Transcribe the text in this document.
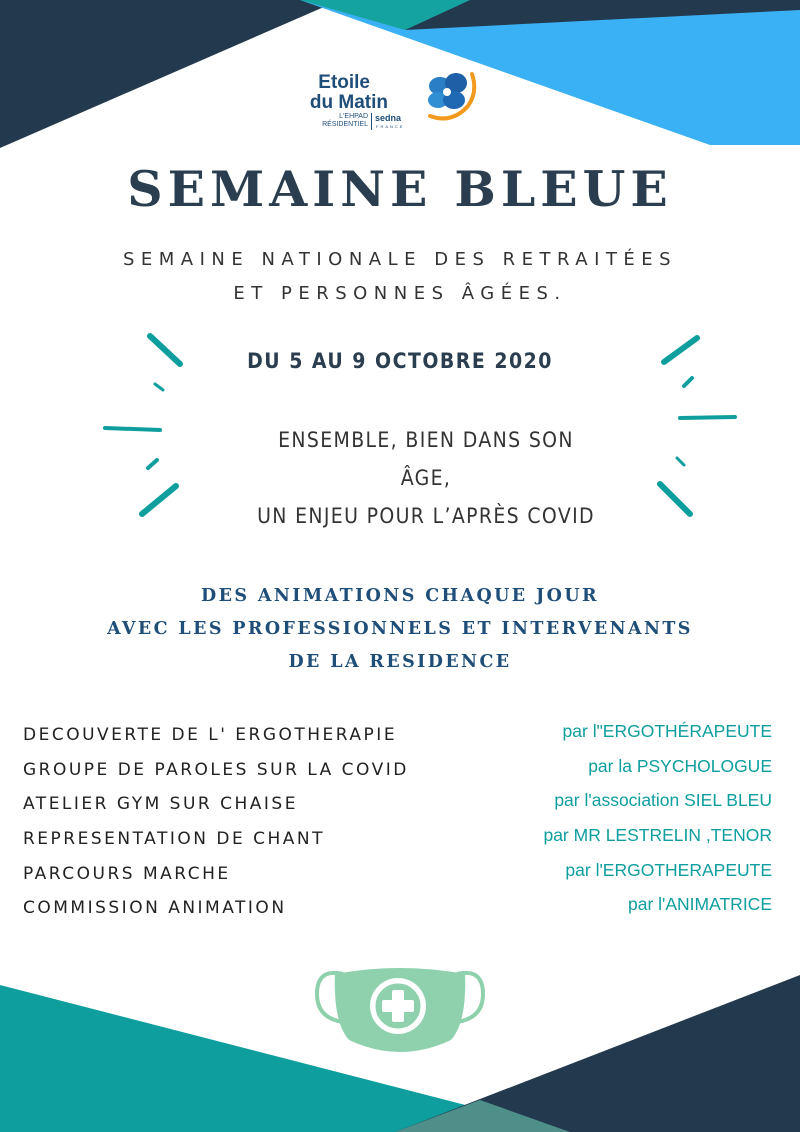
Etoile
du Matin
L'EHPAD
RÉSIDENTIEL
sedna
FRANCE
SEMAINE BLEUE
SEMAINE NATIONALE DES RETRAITÉES
ET PERSONNES ÂGÉES.
DU 5 AU 9 OCTOBRE 2020
ENSEMBLE, BIEN DANS SON ÂGE,
UN ENJEU POUR L’APRÈS COVID
DES ANIMATIONS CHAQUE JOUR
AVEC LES PROFESSIONNELS ET INTERVENANTS
DE LA RESIDENCE
DECOUVERTE DE L' ERGOTHERAPIE
GROUPE DE PAROLES SUR LA COVID
ATELIER GYM SUR CHAISE
REPRESENTATION DE CHANT
PARCOURS MARCHE
COMMISSION ANIMATION
par l"ERGOTHÉRAPEUTE
par la PSYCHOLOGUE
par l'association SIEL BLEU
par MR LESTRELIN ,TENOR
par l'ERGOTHERAPEUTE
par l'ANIMATRICE
